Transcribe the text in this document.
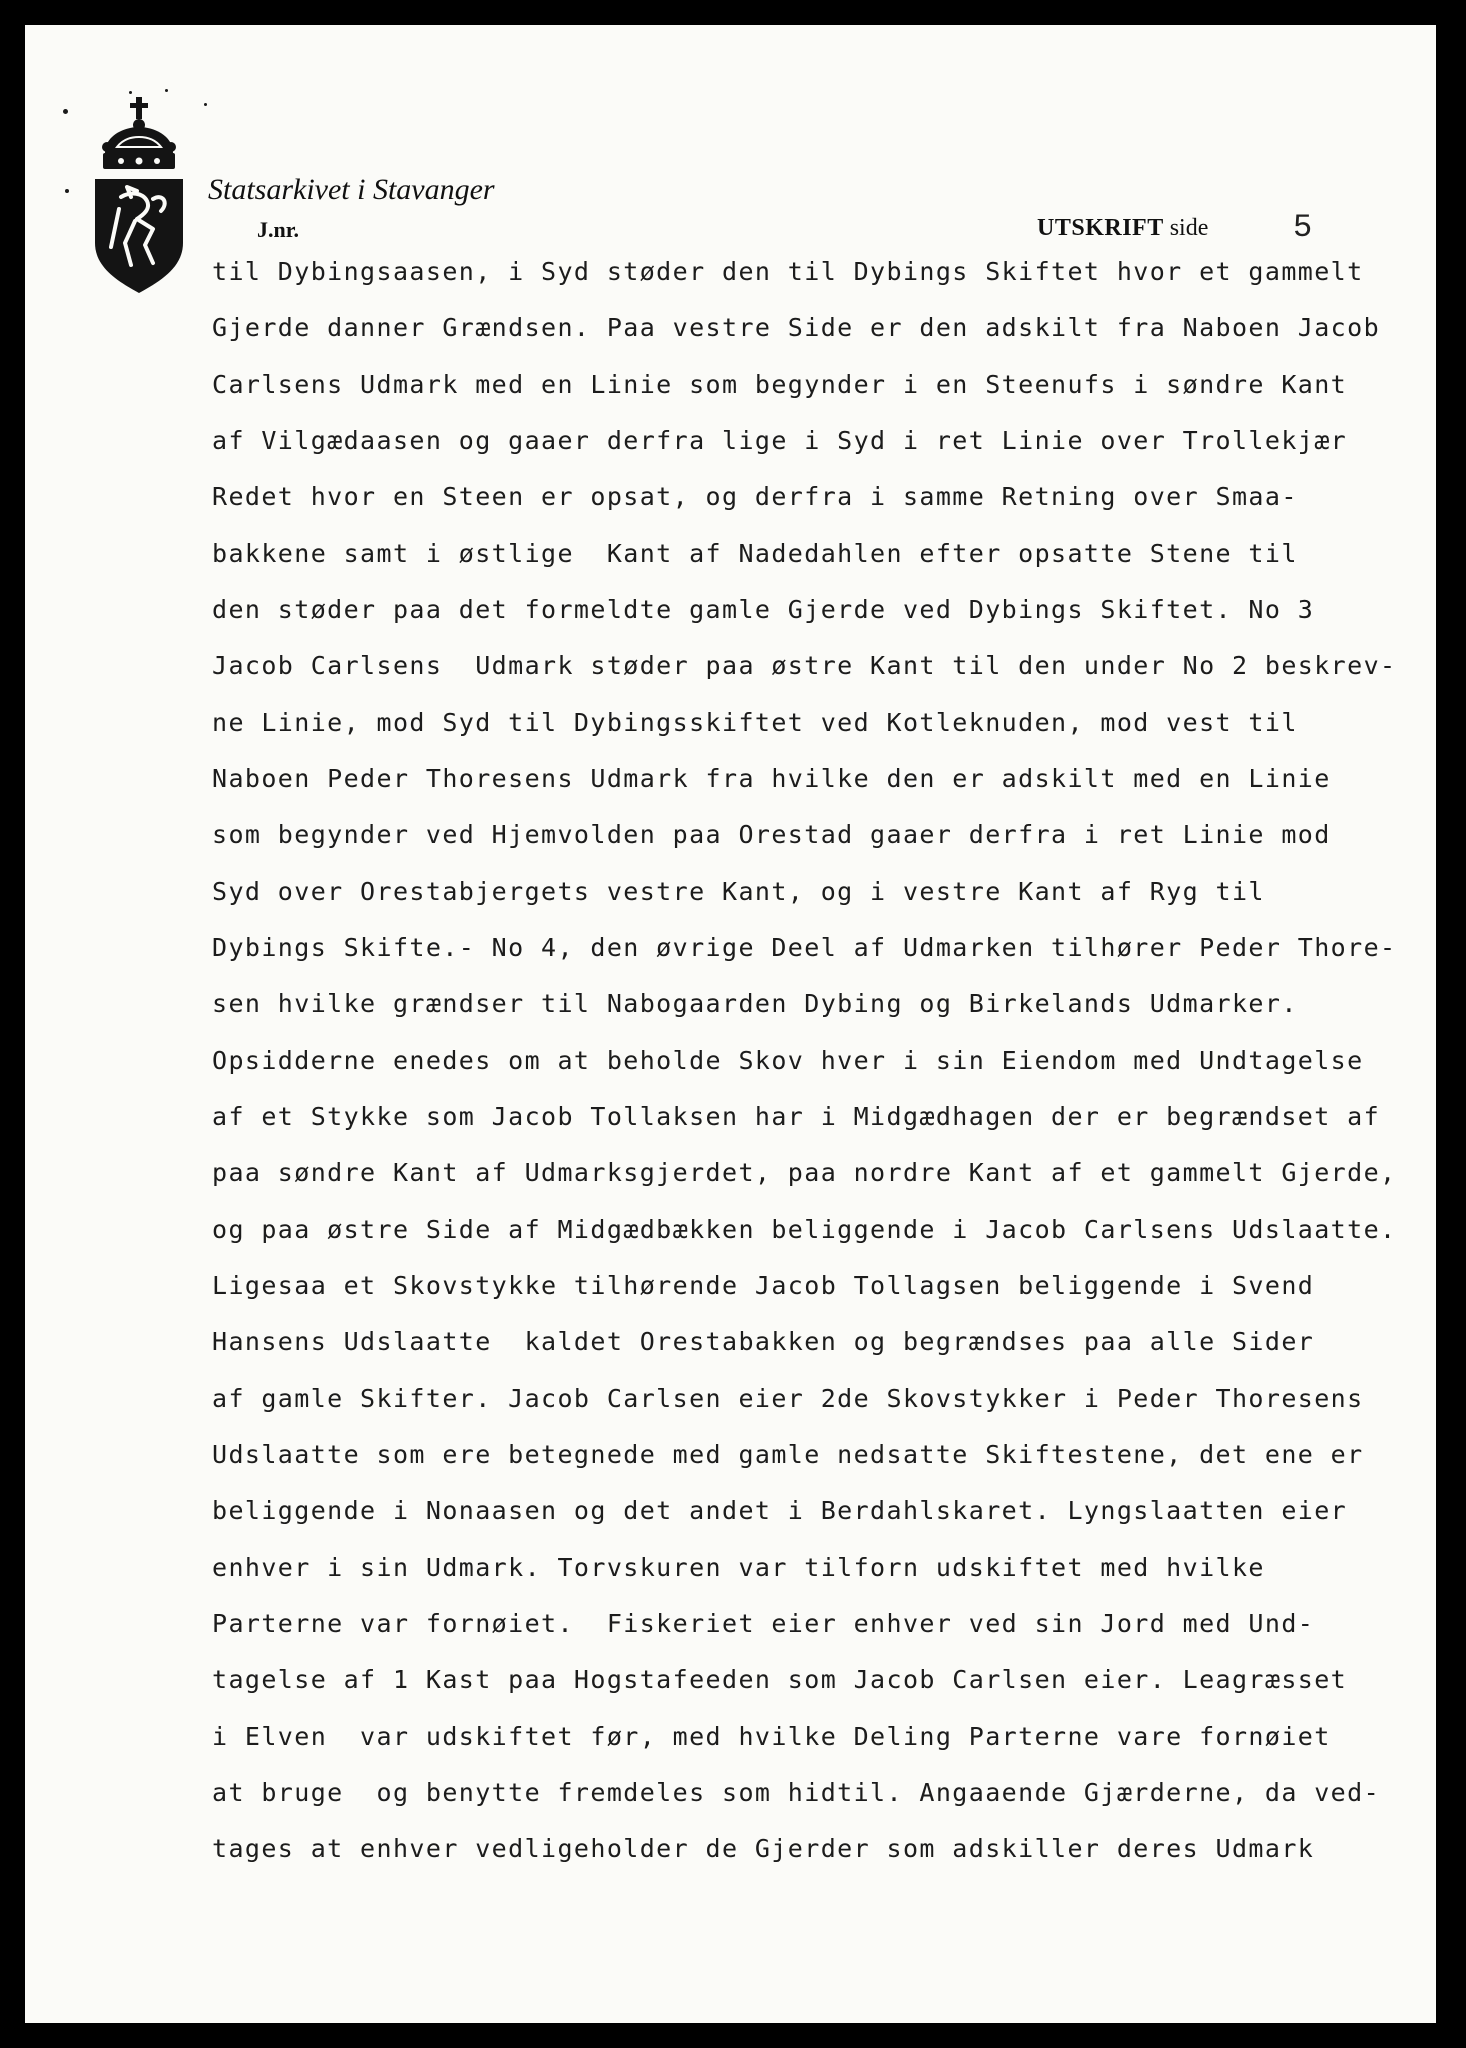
Statsarkivet i Stavanger
J.nr.	UTSKRIFT side	5
til Dybingsaasen, i Syd støder den til Dybings Skiftet hvor et gammelt
Gjerde danner Grændsen. Paa vestre Side er den adskilt fra Naboen Jacob
Carlsens Udmark med en Linie som begynder i en Steenufs i søndre Kant
af Vilgædaasen og gaaer derfra lige i Syd i ret Linie over Trollekjær
Redet hvor en Steen er opsat, og derfra i samme Retning over Smaa-
bakkene samt i østlige  Kant af Nadedahlen efter opsatte Stene til
den støder paa det formeldte gamle Gjerde ved Dybings Skiftet. No 3
Jacob Carlsens  Udmark støder paa østre Kant til den under No 2 beskrev-
ne Linie, mod Syd til Dybingsskiftet ved Kotleknuden, mod vest til
Naboen Peder Thoresens Udmark fra hvilke den er adskilt med en Linie
som begynder ved Hjemvolden paa Orestad gaaer derfra i ret Linie mod
Syd over Orestabjergets vestre Kant, og i vestre Kant af Ryg til
Dybings Skifte.- No 4, den øvrige Deel af Udmarken tilhører Peder Thore-
sen hvilke grændser til Nabogaarden Dybing og Birkelands Udmarker.
Opsidderne enedes om at beholde Skov hver i sin Eiendom med Undtagelse
af et Stykke som Jacob Tollaksen har i Midgædhagen der er begrændset af
paa søndre Kant af Udmarksgjerdet, paa nordre Kant af et gammelt Gjerde,
og paa østre Side af Midgædbækken beliggende i Jacob Carlsens Udslaatte.
Ligesaa et Skovstykke tilhørende Jacob Tollagsen beliggende i Svend
Hansens Udslaatte  kaldet Orestabakken og begrændses paa alle Sider
af gamle Skifter. Jacob Carlsen eier 2de Skovstykker i Peder Thoresens
Udslaatte som ere betegnede med gamle nedsatte Skiftestene, det ene er
beliggende i Nonaasen og det andet i Berdahlskaret. Lyngslaatten eier
enhver i sin Udmark. Torvskuren var tilforn udskiftet med hvilke
Parterne var fornøiet.  Fiskeriet eier enhver ved sin Jord med Und-
tagelse af 1 Kast paa Hogstafeeden som Jacob Carlsen eier. Leagræsset
i Elven  var udskiftet før, med hvilke Deling Parterne vare fornøiet
at bruge  og benytte fremdeles som hidtil. Angaaende Gjærderne, da ved-
tages at enhver vedligeholder de Gjerder som adskiller deres Udmark
